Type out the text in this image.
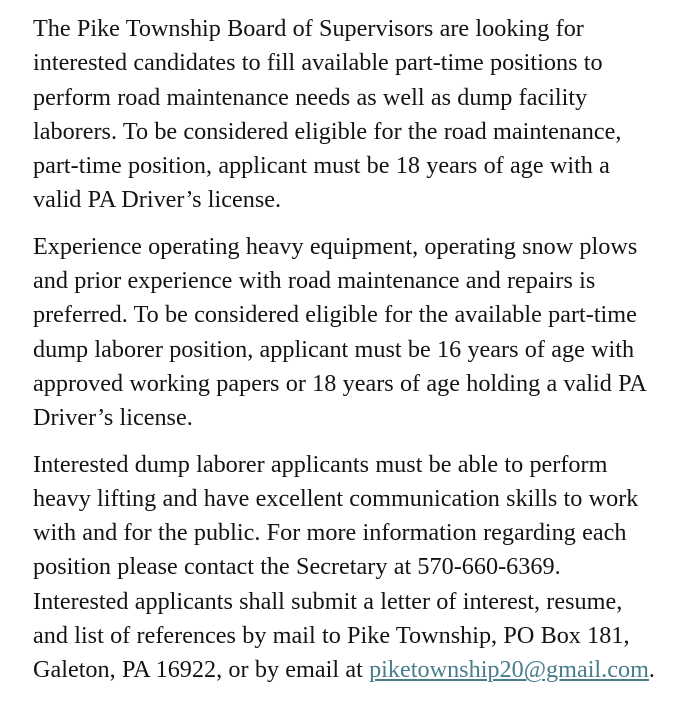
The Pike Township Board of Supervisors are looking for interested candidates to fill available part-time positions to perform road maintenance needs as well as dump facility laborers. To be considered eligible for the road maintenance, part-time position, applicant must be 18 years of age with a valid PA Driver’s license.

Experience operating heavy equipment, operating snow plows and prior experience with road maintenance and repairs is preferred. To be considered eligible for the available part-time dump laborer position, applicant must be 16 years of age with approved working papers or 18 years of age holding a valid PA Driver’s license.

Interested dump laborer applicants must be able to perform heavy lifting and have excellent communication skills to work with and for the public. For more information regarding each position please contact the Secretary at 570-660-6369. Interested applicants shall submit a letter of interest, resume, and list of references by mail to Pike Township, PO Box 181, Galeton, PA 16922, or by email at piketownship20@gmail.com.
